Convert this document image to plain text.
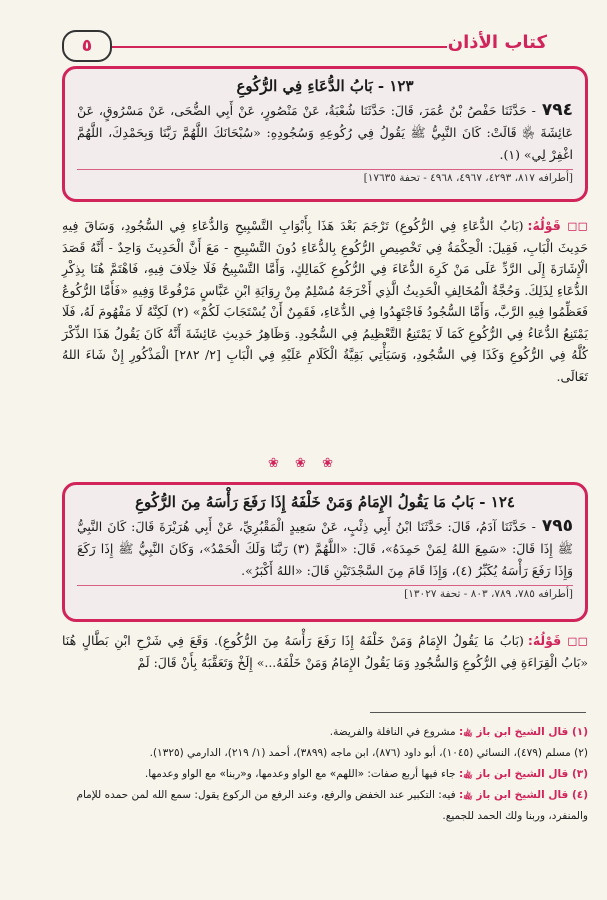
كتاب الأذان
٥
١٢٣ - بَابُ الدُّعَاءِ فِي الرُّكُوعِ
٧٩٤- حَدَّثَنَا حَفْصُ بْنُ عُمَرَ، قَالَ: حَدَّثَنَا شُعْبَةُ، عَنْ مَنْصُورٍ، عَنْ أَبِي الضُّحَى، عَنْ مَسْرُوقٍ، عَنْ عَائِشَةَ ﵂ قَالَتْ: كَانَ النَّبِيُّ ﷺ يَقُولُ فِي رُكُوعِهِ وَسُجُودِهِ: «سُبْحَانَكَ اللَّهُمَّ رَبَّنَا وَبِحَمْدِكَ، اللَّهُمَّ اغْفِرْ لِي» (١).
[أطرافه ٨١٧، ٤٢٩٣، ٤٩٦٧، ٤٩٦٨ - تحفة ١٧٦٣٥]
◻◻ قَوْلُهُ:(بَابُ الدُّعَاءِ فِي الرُّكُوعِ) تَرْجَمَ بَعْدَ هَذَا بِأَبْوَابِ التَّسْبِيحِ وَالدُّعَاءِ فِي السُّجُودِ، وَسَاقَ فِيهِ حَدِيثَ الْبَابِ، فَقِيلَ: الْحِكْمَةُ فِي تَخْصِيصِ الرُّكُوعِ بِالدُّعَاءِ دُونَ التَّسْبِيحِ - مَعَ أَنَّ الْحَدِيثَ وَاحِدٌ - أَنَّهُ قَصَدَ الْإِشَارَةَ إِلَى الرَّدِّ عَلَى مَنْ كَرِهَ الدُّعَاءَ فِي الرُّكُوعِ كَمَالِكٍ، وَأَمَّا التَّسْبِيحُ فَلَا خِلَافَ فِيهِ، فَاهْتَمَّ هُنَا بِذِكْرِ الدُّعَاءِ لِذَلِكَ. وَحُجَّةُ الْمُخَالِفِ الْحَدِيثُ الَّذِي أَخْرَجَهُ مُسْلِمٌ مِنْ رِوَايَةِ ابْنِ عَبَّاسٍ مَرْفُوعًا وَفِيهِ «فَأَمَّا الرُّكُوعُ فَعَظِّمُوا فِيهِ الرَّبَّ، وَأَمَّا السُّجُودُ فَاجْتَهِدُوا فِي الدُّعَاءِ، فَقَمِنٌ أَنْ يُسْتَجَابَ لَكُمْ» (٢) لَكِنَّهُ لَا مَفْهُومَ لَهُ، فَلَا يَمْتَنِعُ الدُّعَاءُ فِي الرُّكُوعِ كَمَا لَا يَمْتَنِعُ التَّعْظِيمُ فِي السُّجُودِ. وَظَاهِرُ حَدِيثِ عَائِشَةَ أَنَّهُ كَانَ يَقُولُ هَذَا الذِّكْرَ كُلَّهُ فِي الرُّكُوعِ وَكَذَا فِي السُّجُودِ، وَسَيَأْتِي بَقِيَّةُ الْكَلَامِ عَلَيْهِ فِي الْبَابِ [٢/ ٢٨٢] الْمَذْكُورِ إِنْ شَاءَ اللهُ تَعَالَى.
❀ ❀ ❀
١٢٤ - بَابُ مَا يَقُولُ الإِمَامُ وَمَنْ خَلْفَهُ إِذَا رَفَعَ رَأْسَهُ مِنَ الرُّكُوعِ
٧٩٥- حَدَّثَنَا آدَمُ، قَالَ: حَدَّثَنَا ابْنُ أَبِي ذِئْبٍ، عَنْ سَعِيدٍ الْمَقْبُرِيِّ، عَنْ أَبِي هُرَيْرَةَ قَالَ: كَانَ النَّبِيُّ ﷺ إِذَا قَالَ: «سَمِعَ اللهُ لِمَنْ حَمِدَهُ»، قَالَ: «اللَّهُمَّ (٣) رَبَّنَا وَلَكَ الْحَمْدُ»، وَكَانَ النَّبِيُّ ﷺ إِذَا رَكَعَ وَإِذَا رَفَعَ رَأْسَهُ يُكَبِّرُ (٤)، وَإِذَا قَامَ مِنَ السَّجْدَتَيْنِ قَالَ: «اللهُ أَكْبَرُ».
[أطرافه ٧٨٥، ٧٨٩، ٨٠٣ - تحفة ١٣٠٢٧]
◻◻ قَوْلُهُ:(بَابُ مَا يَقُولُ الإِمَامُ وَمَنْ خَلْفَهُ إِذَا رَفَعَ رَأْسَهُ مِنَ الرُّكُوعِ). وَقَعَ فِي شَرْحِ ابْنِ بَطَّالٍ هُنَا «بَابُ الْقِرَاءَةِ فِي الرُّكُوعِ وَالسُّجُودِ وَمَا يَقُولُ الإِمَامُ وَمَنْ خَلْفَهُ...» إِلَخْ وَتَعَقَّبَهُ بِأَنْ قَالَ: لَمْ
(١) قال الشيخ ابن باز ﵀: مشروع في النافلة والفريضة.
(٢) مسلم (٤٧٩)، النسائي (١٠٤٥)، أبو داود (٨٧٦)، ابن ماجه (٣٨٩٩)، أحمد (١/ ٢١٩)، الدارمي (١٣٢٥).
(٣) قال الشيخ ابن باز ﵀: جاء فيها أربع صفات: «اللهم» مع الواو وعدمها، و«ربنا» مع الواو وعدمها.
(٤) قال الشيخ ابن باز ﵀: فيه: التكبير عند الخفض والرفع، وعند الرفع من الركوع يقول: سمع الله لمن حمده للإمام والمنفرد، وربنا ولك الحمد للجميع.
